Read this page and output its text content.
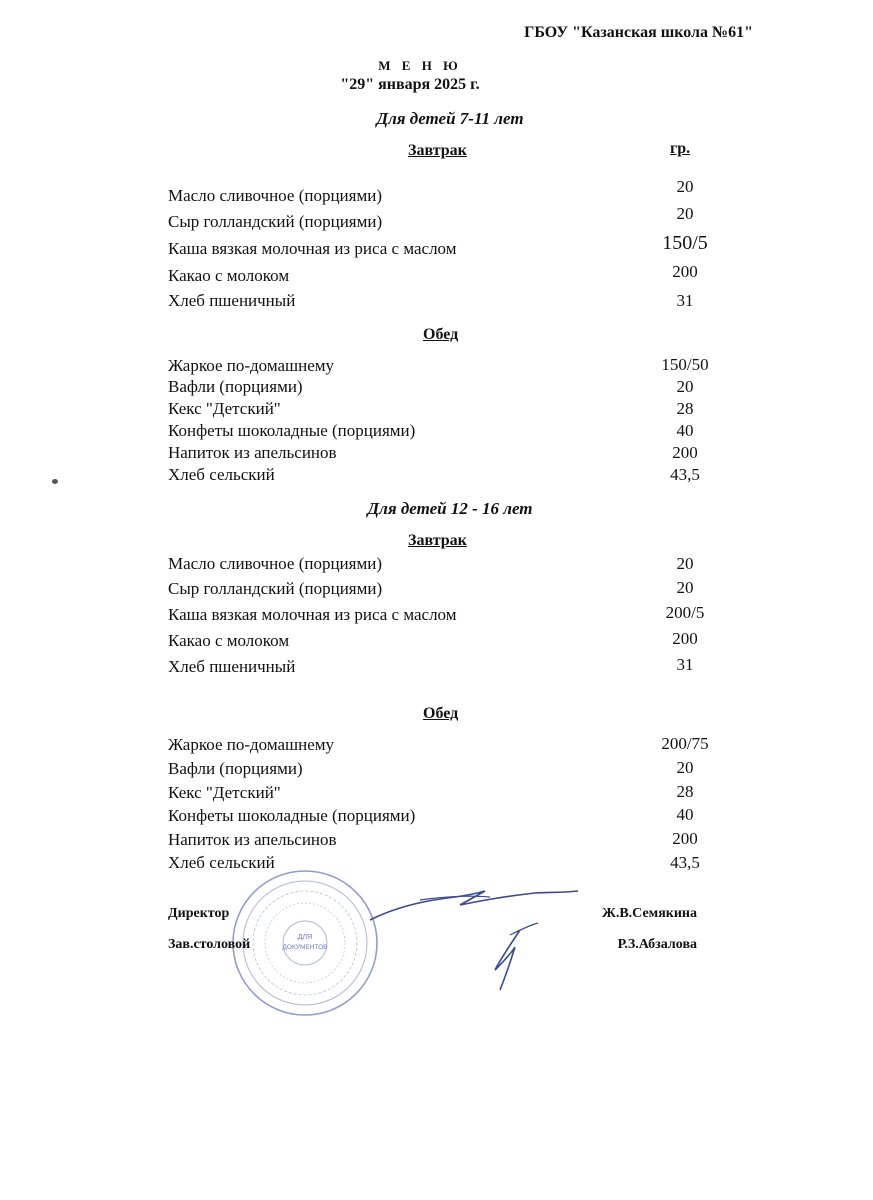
ГБОУ "Казанская школа №61"
М Е Н Ю
"29" января 2025 г.
Для детей 7-11 лет
Завтрак	гр.
Масло сливочное (порциями)	20
Сыр голландский (порциями)	20
Каша вязкая молочная из риса с маслом	150/5
Какао с молоком	200
Хлеб пшеничный	31
Обед
Жаркое по-домашнему	150/50
Вафли (порциями)	20
Кекс "Детский"	28
Конфеты шоколадные (порциями)	40
Напиток из апельсинов	200
Хлеб сельский	43,5
Для детей 12 - 16 лет
Завтрак
Масло сливочное (порциями)	20
Сыр голландский (порциями)	20
Каша вязкая молочная из риса с маслом	200/5
Какао с молоком	200
Хлеб пшеничный	31
Обед
Жаркое по-домашнему	200/75
Вафли (порциями)	20
Кекс "Детский"	28
Конфеты шоколадные (порциями)	40
Напиток из апельсинов	200
Хлеб сельский	43,5
ДЛЯ
ДОКУМЕНТОВ
Директор	Ж.В.Семякина
Зав.столовой	Р.З.Абзалова
